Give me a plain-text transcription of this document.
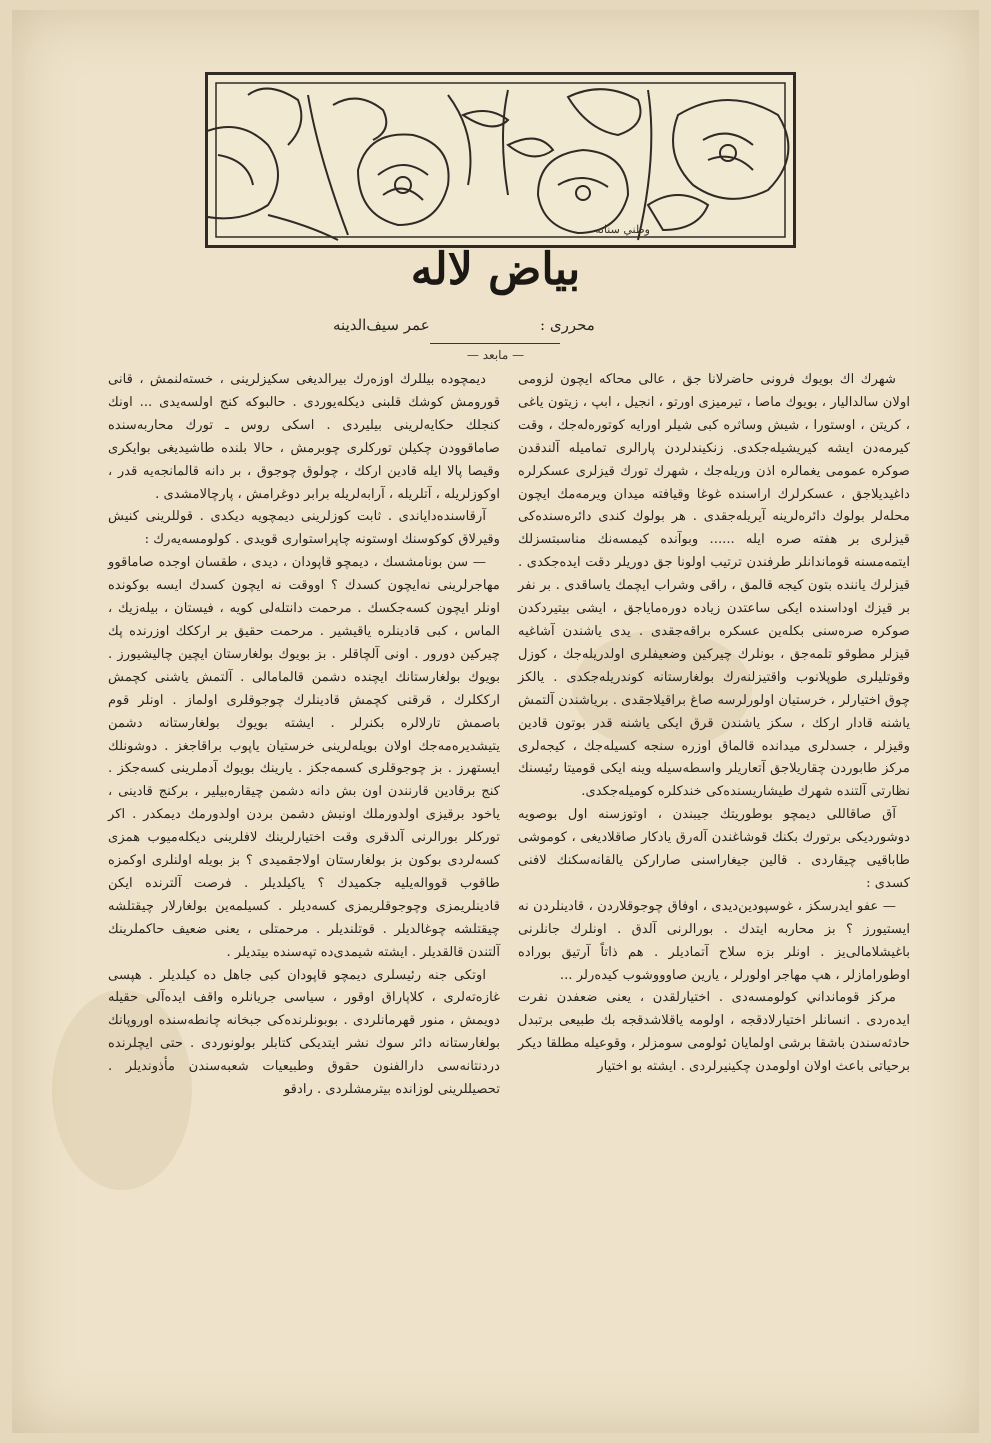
وطني سنانه
بیاض لاله
محرری :
عمر سیف‌الدینه
— مابعد —

شهرك اك بویوك فرونی حاضرلانا جق ، عالی محاکه ایچون لزومی اولان سالدالیار ، بویوك ماصا ، تیرمیزی اورتو ، انجیل ، ابپ ، زیتون یاغی ، کریتن ، اوستورا ، شیش وساثره کبی شیلر اورایه کوتوره‌له‌جك ، وقت کیرمه‌دن ایشه کیریشیله‌جکدی. زنکیندلردن پارالری تمامیله آلندقدن صوکره عمومی یغمالره اذن وریله‌جك ، شهرك تورك قیزلری عسکرلره داغیدیلاجق ، عسکرلرك اراسنده غوغا وقیافته میدان ویرمه‌مك ایچون محله‌لر بولوك دائره‌لرینه آیریله‌جقدی . هر بولوك کندی دائره‌سنده‌کی قیزلری بر هفته صره ایله ...... وبوآنده کیمسه‌نك مناسبتسزلك ایتمه‌مسنه قوماندانلر طرفندن ترتیب اولونا جق دوریلر دقت ایده‌جکدی . قیزلرك یاننده بتون کیجه قالمق ، راقی وشراب ایچمك یاساقدی . بر نفر بر قیزك اوداسنده ایکی ساعتدن زیاده دوره‌ماياجق ، ایشی بیتیردکدن صوکره صره‌سنی بکله‌ین عسکره براقه‌جقدی . یدی یاشندن آشاغیه قیزلر مطوقو تلمه‌جق ، بونلرك چیركین وضعیفلری اولدریله‌جك ، کوزل وقوتلیلری طوپلانوب واقتیزلنه‌رك بولغارستانه کوندریله‌جکدی . یالکز چوق اختیارلر ، خرستیان اولورلرسه صاغ براقیلاجقدی . برياشندن آلتمش یاشنه قادار ارکك ، سکز یاشندن قرق ایکی یاشنه قدر بوتون قادین وقیزلر ، جسدلری میدانده قالماق اوزره سنجه کسیله‌جك ، کیجه‌لری مرکز طابوردن چقاریلاجق آتعاريلر واسطه‌سیله وینه ایکی قومیتا رئیسنك نظارتی آلتنده شهرك طیشاریسنده‌کی خندکلره کومیله‌جکدی.

آق صاقاللی دیمچو بوطوریتك جیبندن ، اوتوزسنه اول بوصویه دوشوردیکی برتورك بکنك قوشاغندن آله‌رق یادکار صاقلادیغی ، کوموشی طاباقیی چیقاردی . قالین جیغاراسنی صارارکن یالقانه‌سکنك لافنی کسدی :

— عفو ایدرسکز ، غوسپودین‌دیدی ، اوفاق چوجوقلاردن ، قادینلردن نه ایستیورز ؟ بز محاربه ایتدك . بورالرنی آلدق . اونلرك جانلرنی باغیشلامالی‌یز . اونلر بزه سلاح آتمادیلر . هم ذاتاً آرتیق بوراده اوطورامازلر ، هپ مهاجر اولورلر ، یارین صاوووشوب کیده‌رلر ...

مرکز قومانداني کولومسه‌دی . اختیارلقدن ، یعنی ضعفدن نفرت ایده‌ردی . انسانلر اختیارلادقجه ، اولومه یاقلاشدقجه‌ بك طبیعی برتبدل حادثه‌سندن باشقا برشی اولمایان ئولومی سومزلر ، وقوعیله مطلقا دیکر برحیاتی باعث اولان اولومدن چکینیرلردی . ایشته بو اختیار

دیمچوده بیللرك اوزه‌رك بیرالدیغی سکیزلرینی ، خسته‌لنمش ، قانی قورومش کوشك قلبنی دیکله‌یوردی . حالبوکه کنج اولسه‌یدی ... اونك کنجلك حکایه‌لرینی بیلیردی . اسکی روس ـ تورك محاربه‌سنده صاماقوودن چکیلن تورکلری چوبرمش ، حالا بلنده طاشیدیغی بوایکری وقیصا پالا ایله قادین ارکك ، چولوق چوجوق ، بر دانه قالمانجه‌یه قدر ، اوکوزلریله ، آتلریله ، آرابه‌لریله برابر دوغرامش ، پارچالامشدی .

آرقاسنده‌دایاندی . ثابت کوزلرینی دیمچویه دیکدی . قوللرینی کنیش وقیرلاق کوکوسنك اوستونه چاپراستواری قویدی . کولومسه‌یه‌رك :

— سن بونامشسك ، دیمچو قاپودان ، دیدی ، طقسان اوجده صاماقوو مهاجرلرینی نه‌ایچون کسدك ؟ اووقت نه ایچون کسدك ایسه بوکونده اونلر ایچون کسه‌جکسك . مرحمت دانتله‌لی کویه ، فیستان ، بیله‌زیك ، الماس ، کبی قادینلره یاقیشیر . مرحمت حقیق بر ارککك اوزرنده پك چیركین دورور . اونی آلچاقلر . بز بویوك بولغارستان ایچین چالیشیورز . بویوك بولغارستانك ایچنده دشمن قالمامالی . آلتمش یاشنی کچمش ارککلرك ، قرقنی کچمش قادینلرك چوجوقلری اولماز . اونلر قوم باصمش تارلالره بکنرلر . ایشته بویوك بولغارستانه دشمن یتیشدیره‌مه‌جك اولان بویله‌لرینی خرستیان یاپوب براقاجغز . دوشونلك ایستهرز . بز چوجوقلری کسمه‌جکز . یارینك بویوك آدملرینی کسه‌جکز . کنج برقادین قارنندن اون بش دانه دشمن چیقاره‌بیلیر ، برکنج قادینی ، یاخود برقیزی اولدورملك اونبش دشمن بردن اولدورمك دیمکدر . اکر توركلر بورالرنی آلدقری وقت اختیارلرینك لافلرینی دیکله‌میوب همزی کسه‌لردی بوکون بز بولغارستان اولاجقمیدی ؟ بز بویله اولنلری اوکمزه طاقوب قوواله‌یلیه جکمیدك ؟ یاکیلدیلر . فرصت آلترنده ایکن قادینلریمزی وچوجوقلریمزی کسه‌دیلر . کسیلمه‌ین بولغارلار چیقتلشه چیقتلشه چوغالدیلر . قوتلندیلر . مرحمتلی ، یعنی ضعیف حاکملرینك آلتندن قالقدیلر . ایشته شیمدی‌ده تپه‌سنده بیتدیلر .

اوتکی جنه رئیسلری دیمچو قاپودان کبی جاهل ده کیلدیلر . هپسی غازه‌ته‌لری ، کلاپاراق اوقور ، سیاسی جریانلره واقف ایده‌آلی حقیله دویمش ، منور قهرمانلردی . بوبونلرنده‌کی جبخانه چانطه‌سنده اوروپانك بولغارستانه دائر سوك نشر ایتدیکی کتابلر بولونوردی . حتی ایچلرنده دردنتانه‌سی دارالفنون حقوق وطبیعیات شعبه‌سندن مأذوندیلر . تحصیللرینی لوزانده بیترمشلردی . رادقو
